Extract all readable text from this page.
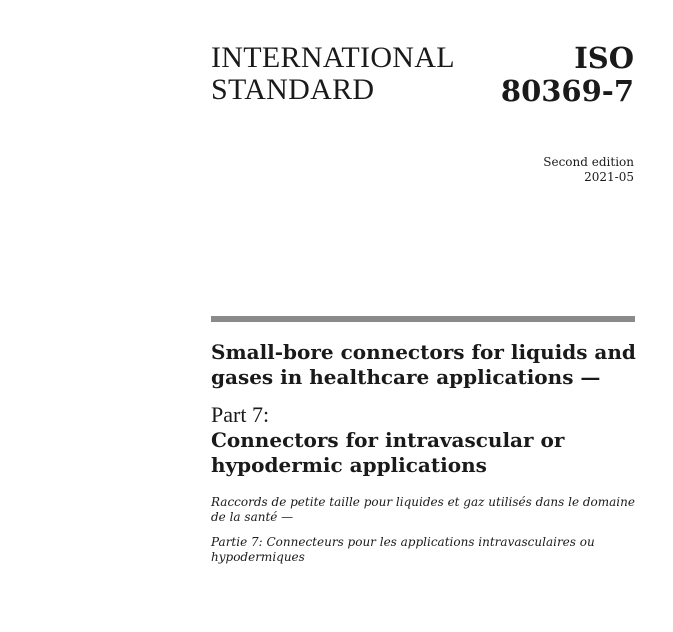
INTERNATIONAL
STANDARD
ISO
80369-7
Second edition
2021-05
Small-bore connectors for liquids and
gases in healthcare applications —
Part 7:
Connectors for intravascular or
hypodermic applications
Raccords de petite taille pour liquides et gaz utilisés dans le domaine
de la santé —
Partie 7: Connecteurs pour les applications intravasculaires ou
hypodermiques
